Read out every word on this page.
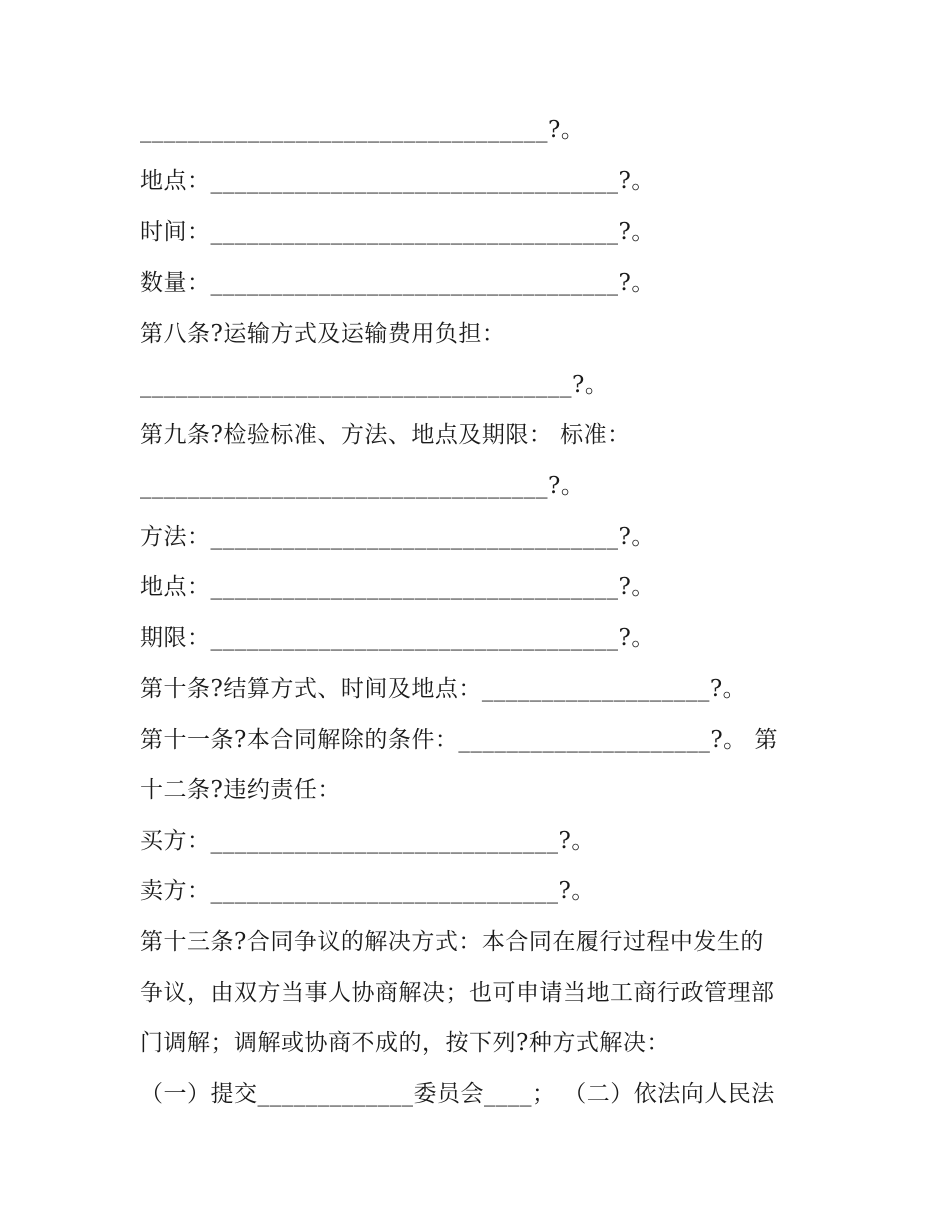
__________________________________?。
地点：__________________________________?。
时间：__________________________________?。
数量：__________________________________?。
第八条?运输方式及运输费用负担：
____________________________________?。
第九条?检验标准、方法、地点及期限： 标准：
__________________________________?。
方法：__________________________________?。
地点：__________________________________?。
期限：__________________________________?。
第十条?结算方式、时间及地点：___________________?。
第十一条?本合同解除的条件：_____________________?。 第
十二条?违约责任：
买方：_____________________________?。
卖方：_____________________________?。
第十三条?合同争议的解决方式：本合同在履行过程中发生的
争议，由双方当事人协商解决；也可申请当地工商行政管理部
门调解；调解或协商不成的，按下列?种方式解决：
（一）提交_____________委员会____； （二）依法向人民法
